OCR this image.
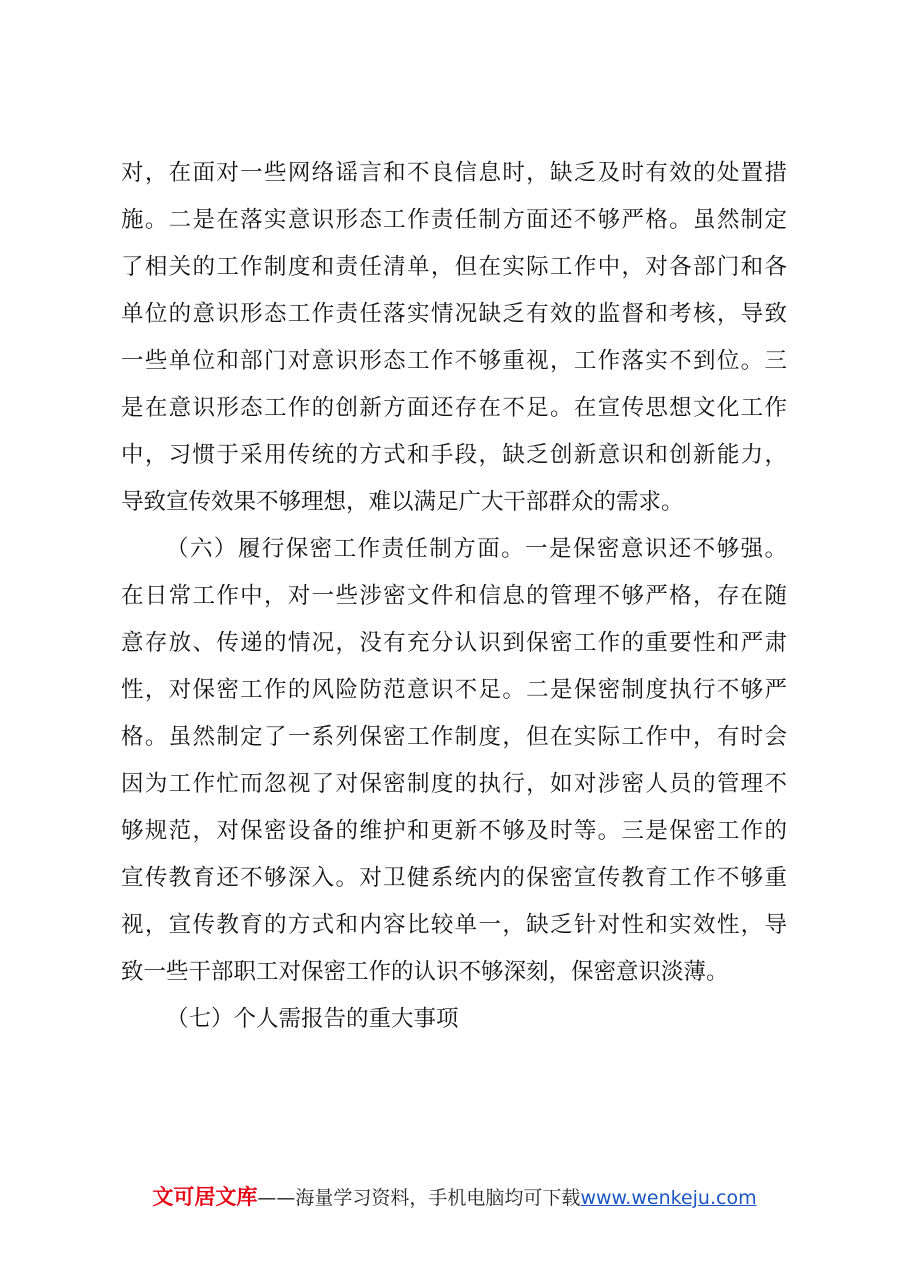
对，在面对一些网络谣言和不良信息时，缺乏及时有效的处置措
施。二是在落实意识形态工作责任制方面还不够严格。虽然制定
了相关的工作制度和责任清单，但在实际工作中，对各部门和各
单位的意识形态工作责任落实情况缺乏有效的监督和考核，导致
一些单位和部门对意识形态工作不够重视，工作落实不到位。三
是在意识形态工作的创新方面还存在不足。在宣传思想文化工作
中，习惯于采用传统的方式和手段，缺乏创新意识和创新能力，
导致宣传效果不够理想，难以满足广大干部群众的需求。
（六）履行保密工作责任制方面。一是保密意识还不够强。
在日常工作中，对一些涉密文件和信息的管理不够严格，存在随
意存放、传递的情况，没有充分认识到保密工作的重要性和严肃
性，对保密工作的风险防范意识不足。二是保密制度执行不够严
格。虽然制定了一系列保密工作制度，但在实际工作中，有时会
因为工作忙而忽视了对保密制度的执行，如对涉密人员的管理不
够规范，对保密设备的维护和更新不够及时等。三是保密工作的
宣传教育还不够深入。对卫健系统内的保密宣传教育工作不够重
视，宣传教育的方式和内容比较单一，缺乏针对性和实效性，导
致一些干部职工对保密工作的认识不够深刻，保密意识淡薄。
（七）个人需报告的重大事项
文可居文库——海量学习资料，手机电脑均可下载www.wenkeju.com
